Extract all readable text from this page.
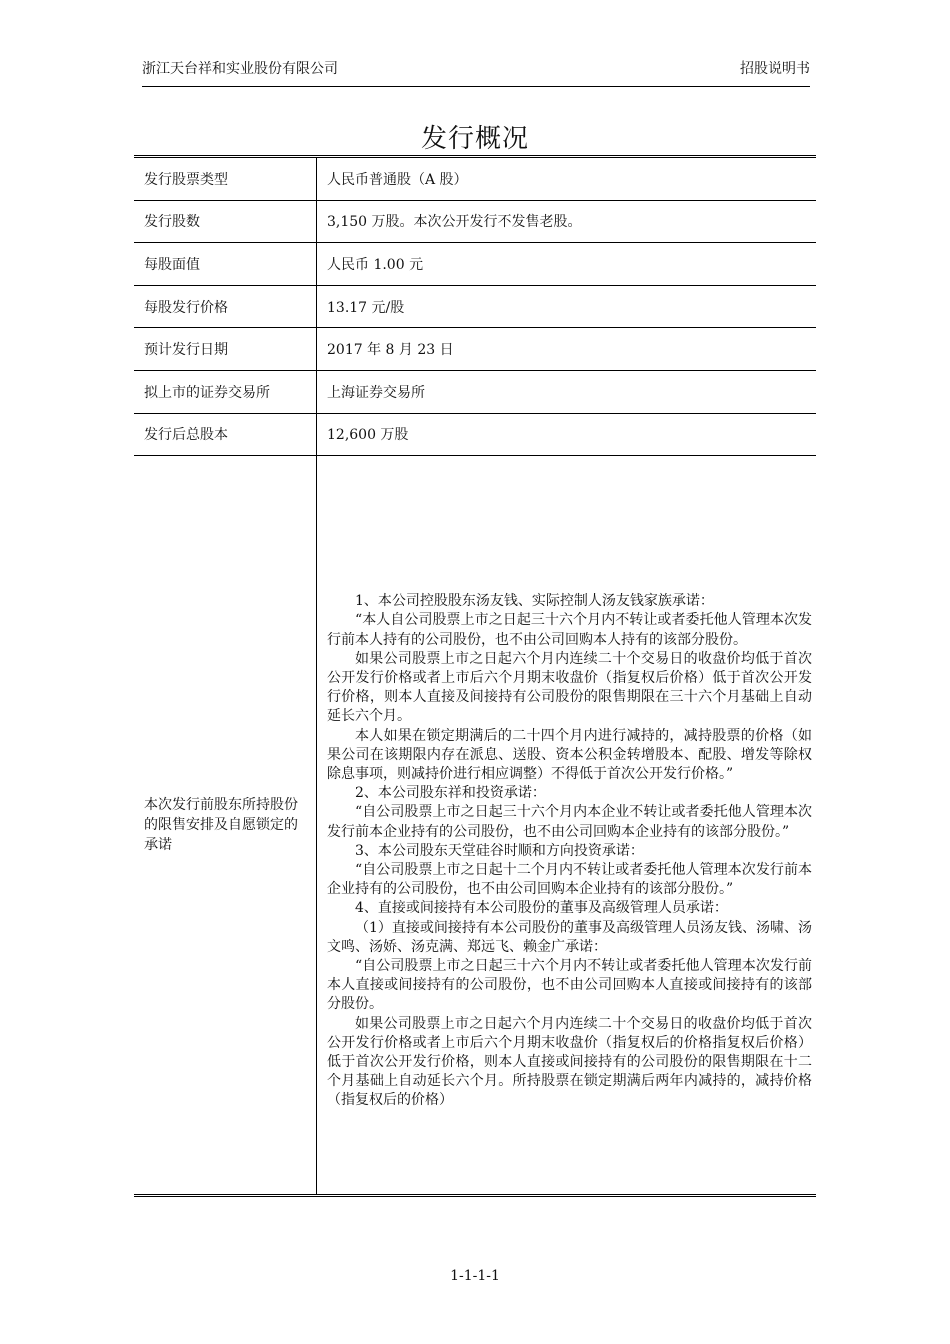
浙江天台祥和实业股份有限公司	招股说明书
发行概况
发行股票类型	人民币普通股（A 股）
发行股数	3,150 万股。本次公开发行不发售老股。
每股面值	人民币 1.00 元
每股发行价格	13.17 元/股
预计发行日期	2017 年 8 月 23 日
拟上市的证券交易所	上海证券交易所
发行后总股本	12,600 万股
本次发行前股东所持股份的限售安排及自愿锁定的承诺

1、本公司控股股东汤友钱、实际控制人汤友钱家族承诺：

“本人自公司股票上市之日起三十六个月内不转让或者委托他人管理本次发行前本人持有的公司股份，也不由公司回购本人持有的该部分股份。

如果公司股票上市之日起六个月内连续二十个交易日的收盘价均低于首次公开发行价格或者上市后六个月期末收盘价（指复权后价格）低于首次公开发行价格，则本人直接及间接持有公司股份的限售期限在三十六个月基础上自动延长六个月。

本人如果在锁定期满后的二十四个月内进行减持的，减持股票的价格（如果公司在该期限内存在派息、送股、资本公积金转增股本、配股、增发等除权除息事项，则减持价进行相应调整）不得低于首次公开发行价格。”

2、本公司股东祥和投资承诺：

“自公司股票上市之日起三十六个月内本企业不转让或者委托他人管理本次发行前本企业持有的公司股份，也不由公司回购本企业持有的该部分股份。”

3、本公司股东天堂硅谷时顺和方向投资承诺：

“自公司股票上市之日起十二个月内不转让或者委托他人管理本次发行前本企业持有的公司股份，也不由公司回购本企业持有的该部分股份。”

4、直接或间接持有本公司股份的董事及高级管理人员承诺：

（1）直接或间接持有本公司股份的董事及高级管理人员汤友钱、汤啸、汤文鸣、汤娇、汤克满、郑远飞、赖金广承诺：

“自公司股票上市之日起三十六个月内不转让或者委托他人管理本次发行前本人直接或间接持有的公司股份，也不由公司回购本人直接或间接持有的该部分股份。

如果公司股票上市之日起六个月内连续二十个交易日的收盘价均低于首次公开发行价格或者上市后六个月期末收盘价（指复权后的价格指复权后价格）低于首次公开发行价格，则本人直接或间接持有的公司股份的限售期限在十二个月基础上自动延长六个月。所持股票在锁定期满后两年内减持的，减持价格（指复权后的价格）

1-1-1-1
